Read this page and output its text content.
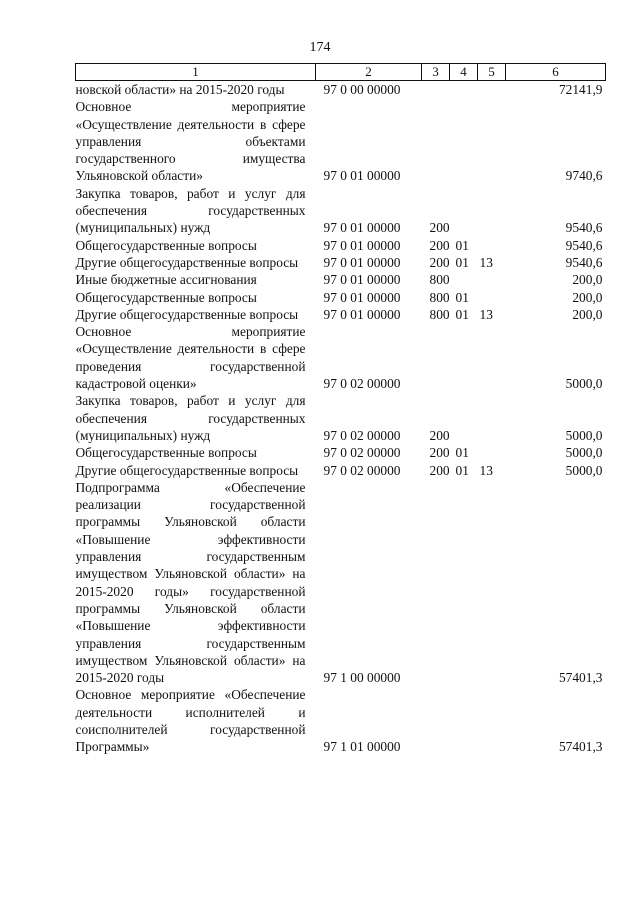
174
1	2	3	4	5	6
новской области» на 2015-2020 годы	97 0 00 00000				72141,9
Основное мероприятие «Осуществление деятельности в сфере управления объектами государственного имущества Ульяновской области»	97 0 01 00000				9740,6
Закупка товаров, работ и услуг для обеспечения государственных (муниципальных) нужд	97 0 01 00000	200			9540,6
Общегосударственные вопросы	97 0 01 00000	200	01		9540,6
Другие общегосударственные вопросы	97 0 01 00000	200	01	13	9540,6
Иные бюджетные ассигнования	97 0 01 00000	800			200,0
Общегосударственные вопросы	97 0 01 00000	800	01		200,0
Другие общегосударственные вопросы	97 0 01 00000	800	01	13	200,0
Основное мероприятие «Осуществление деятельности в сфере проведения государственной кадастровой оценки»	97 0 02 00000				5000,0
Закупка товаров, работ и услуг для обеспечения государственных (муниципальных) нужд	97 0 02 00000	200			5000,0
Общегосударственные вопросы	97 0 02 00000	200	01		5000,0
Другие общегосударственные вопросы	97 0 02 00000	200	01	13	5000,0
Подпрограмма «Обеспечение реализации государственной программы Ульяновской области «Повышение эффективности управления государственным имуществом Ульяновской области» на 2015-2020 годы» государственной программы Ульяновской области «Повышение эффективности управления государственным имуществом Ульяновской области» на 2015-2020 годы	97 1 00 00000				57401,3
Основное мероприятие «Обеспечение деятельности исполнителей и соисполнителей государственной Программы»	97 1 01 00000				57401,3
